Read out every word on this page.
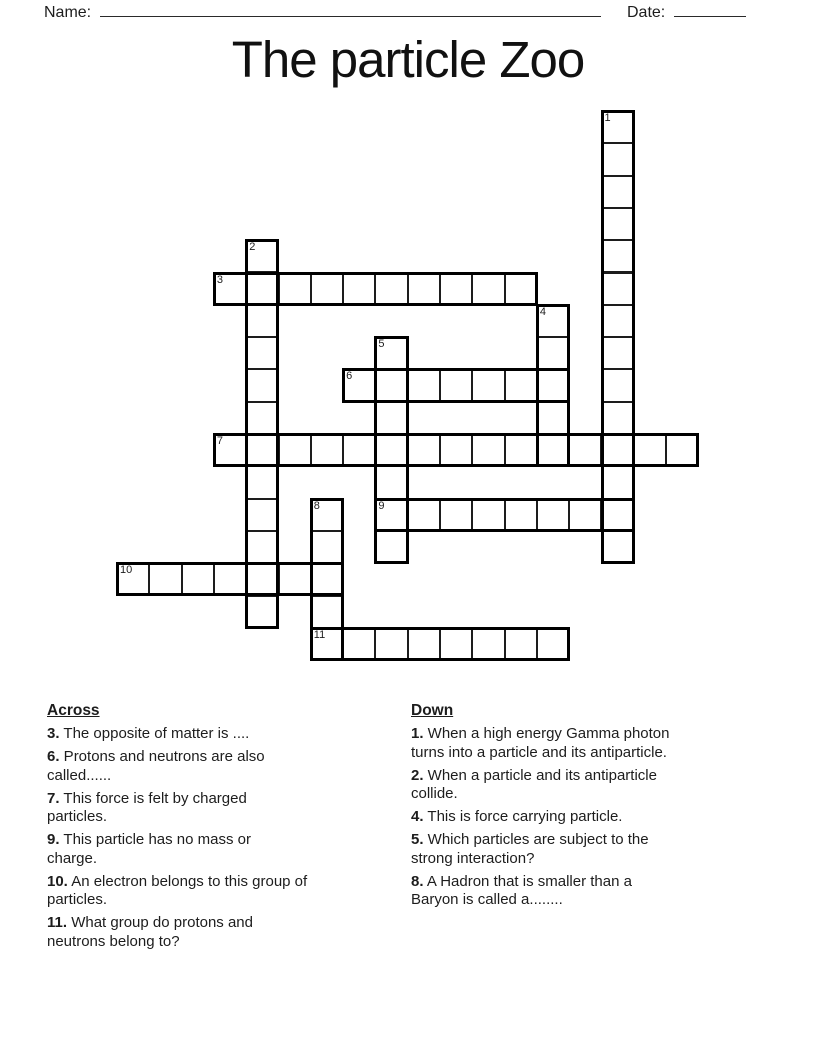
Name:	Date:
The particle Zoo
1
2
3
4
5
9
6
7
8
11
10
Across
3. The opposite of matter is ....
6. Protons and neutrons are also
called......
7. This force is felt by charged
particles.
9. This particle has no mass or
charge.
10. An electron belongs to this group of
particles.
11. What group do protons and
neutrons belong to?
Down
1. When a high energy Gamma photon
turns into a particle and its antiparticle.
2. When a particle and its antiparticle
collide.
4. This is force carrying particle.
5. Which particles are subject to the
strong interaction?
8. A Hadron that is smaller than a
Baryon is called a........
